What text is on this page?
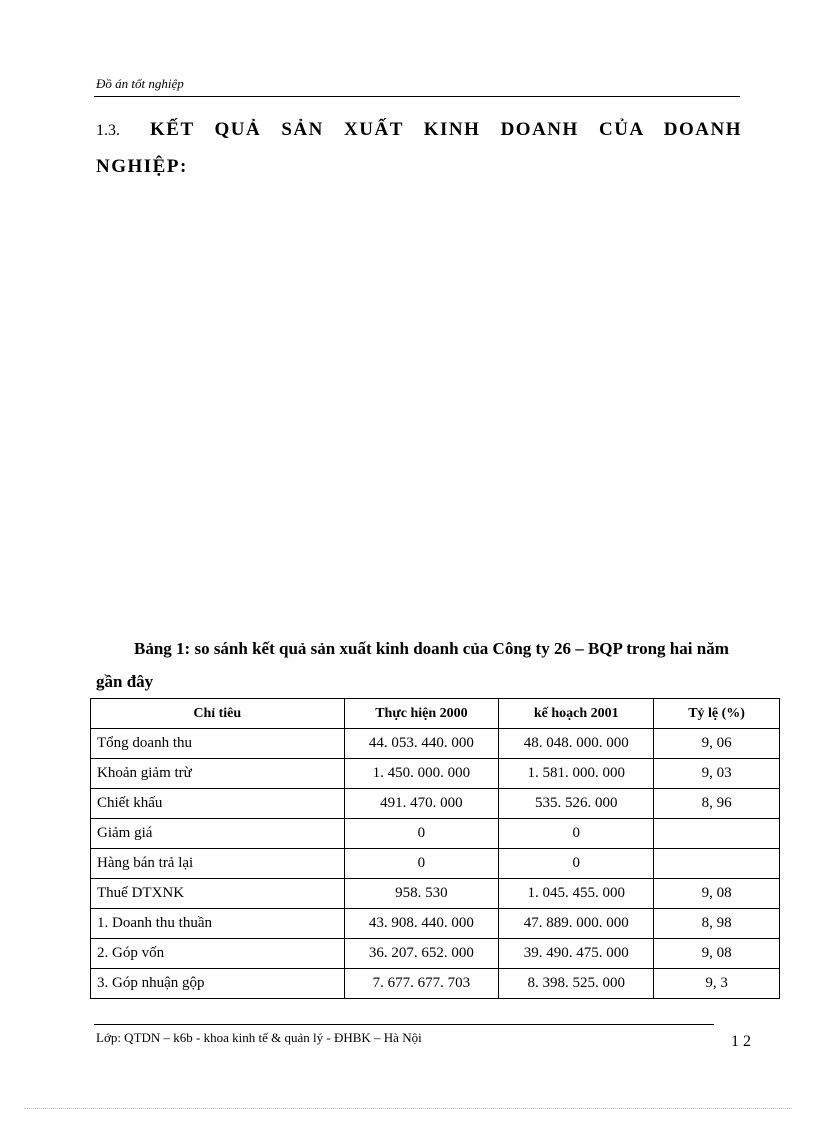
Đồ án tốt nghiệp
1.3. KẾT QUẢ SẢN XUẤT KINH DOANH CỦA DOANH NGHIỆP:
Bảng 1: so sánh kết quả sản xuất kinh doanh của Công ty 26 – BQP trong hai năm gần đây
Chỉ tiêu	Thực hiện 2000	kế hoạch 2001	Tỷ lệ (%)
Tổng doanh thu	44. 053. 440. 000	48. 048. 000. 000	9, 06
Khoản giảm trừ	1. 450. 000. 000	1. 581. 000. 000	9, 03
Chiết khấu	491. 470. 000	535. 526. 000	8, 96
Giảm giá	0	0	
Hàng bán trả lại	0	0	
Thuế DTXNK	958. 530	1. 045. 455. 000	9, 08
1. Doanh thu thuần	43. 908. 440. 000	47. 889. 000. 000	8, 98
2. Góp vốn	36. 207. 652. 000	39. 490. 475. 000	9, 08
3. Góp nhuận gộp	7. 677. 677. 703	8. 398. 525. 000	9, 3
Lớp: QTDN – k6b - khoa kinh tế & quản lý - ĐHBK – Hà Nội	1 2
